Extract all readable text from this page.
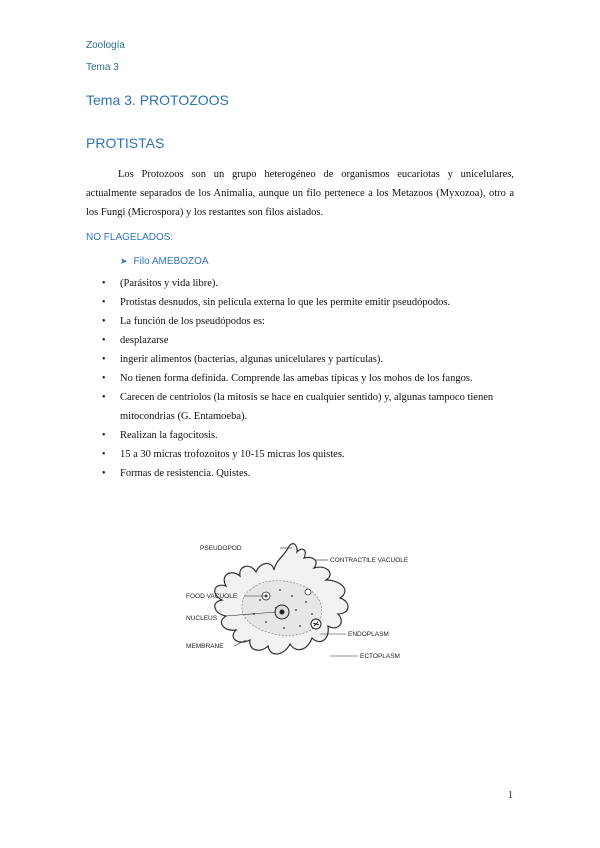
Zoología
Tema 3
Tema 3. PROTOZOOS
PROTISTAS
Los Protozoos son un grupo heterogéneo de organismos eucariotas y unicelulares, actualmente separados de los Animalia, aunque un filo pertenece a los Metazoos (Myxozoa), otro a los Fungi (Microspora) y los restantes son filos aislados.
NO FLAGELADOS:
➤ Filo AMEBOZOA
• (Parásitos y vida libre).
• Protistas desnudos, sin película externa lo que les permite emitir pseudópodos.
• La función de los pseudópodos es:
• desplazarse
• ingerir alimentos (bacterias, algunas unicelulares y partículas).
• No tienen forma definida. Comprende las amebas típicas y los mohos de los fangos.
• Carecen de centriolos (la mitosis se hace en cualquier sentido) y, algunas tampoco tienen mitocondrias (G. Entamoeba).
• Realizan la fagocitosis.
• 15 a 30 micras trofozoitos y 10-15 micras los quistes.
• Formas de resistencia. Quistes.
PSEUDOPOD
CONTRACTILE VACUOLE
FOOD VACUOLE
NUCLEUS
MEMBRANE
ENDOPLASM
ECTOPLASM
1
